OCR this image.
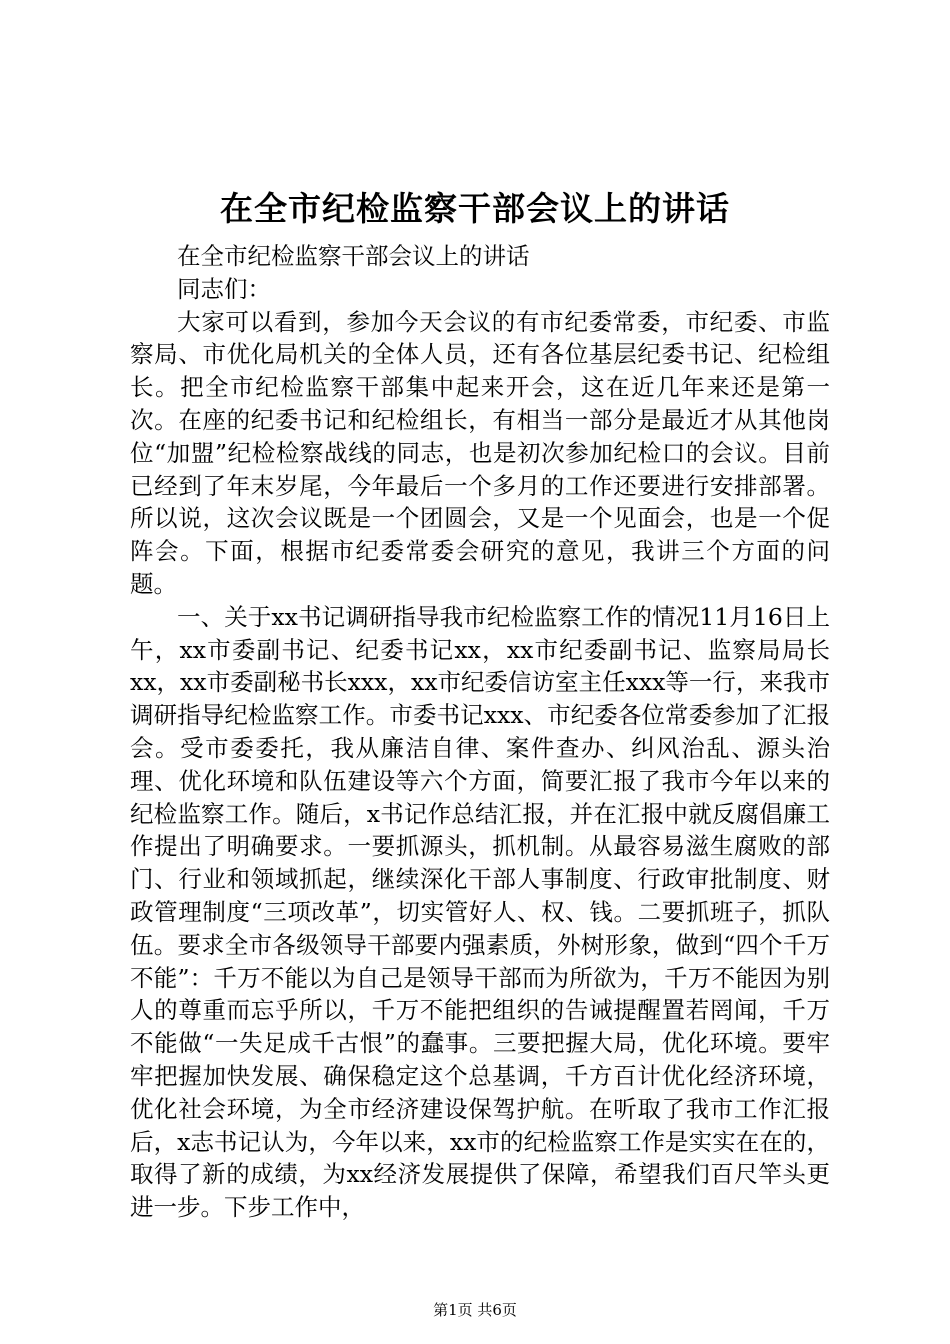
在全市纪检监察干部会议上的讲话

在全市纪检监察干部会议上的讲话

同志们：

大家可以看到，参加今天会议的有市纪委常委，市纪委、市监察局、市优化局机关的全体人员，还有各位基层纪委书记、纪检组长。把全市纪检监察干部集中起来开会，这在近几年来还是第一次。在座的纪委书记和纪检组长，有相当一部分是最近才从其他岗位“加盟”纪检检察战线的同志，也是初次参加纪检口的会议。目前已经到了年末岁尾，今年最后一个多月的工作还要进行安排部署。所以说，这次会议既是一个团圆会，又是一个见面会，也是一个促阵会。下面，根据市纪委常委会研究的意见，我讲三个方面的问题。

一、关于xx书记调研指导我市纪检监察工作的情况11月16日上午，xx市委副书记、纪委书记xx，xx市纪委副书记、监察局局长xx，xx市委副秘书长xxx，xx市纪委信访室主任xxx等一行，来我市调研指导纪检监察工作。市委书记xxx、市纪委各位常委参加了汇报会。受市委委托，我从廉洁自律、案件查办、纠风治乱、源头治理、优化环境和队伍建设等六个方面，简要汇报了我市今年以来的纪检监察工作。随后，x书记作总结汇报，并在汇报中就反腐倡廉工作提出了明确要求。一要抓源头，抓机制。从最容易滋生腐败的部门、行业和领域抓起，继续深化干部人事制度、行政审批制度、财政管理制度“三项改革”，切实管好人、权、钱。二要抓班子，抓队伍。要求全市各级领导干部要内强素质，外树形象，做到“四个千万不能”：千万不能以为自己是领导干部而为所欲为，千万不能因为别人的尊重而忘乎所以，千万不能把组织的告诫提醒置若罔闻，千万不能做“一失足成千古恨”的蠢事。三要把握大局，优化环境。要牢牢把握加快发展、确保稳定这个总基调，千方百计优化经济环境，优化社会环境，为全市经济建设保驾护航。在听取了我市工作汇报后，x志书记认为，今年以来，xx市的纪检监察工作是实实在在的，取得了新的成绩，为xx经济发展提供了保障，希望我们百尺竿头更进一步。下步工作中，

第1页 共6页
